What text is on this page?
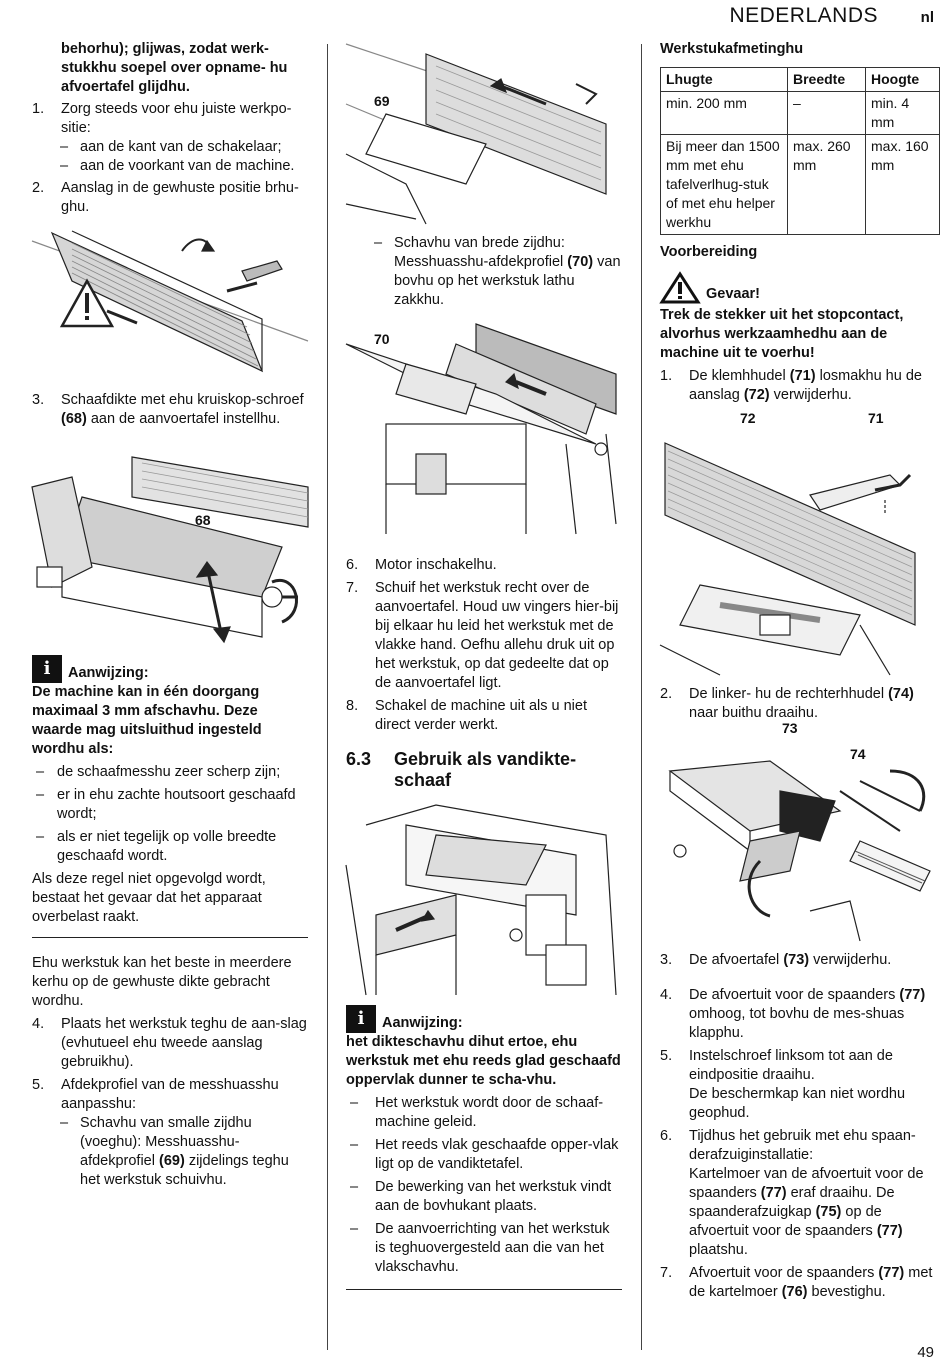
NEDERLANDS	nl
49

behorhu); glijwas, zodat werk-stukkhu soepel over opname- hu afvoertafel glijdhu.

1. Zorg steeds voor ehu juiste werkpo-sitie:
– aan de kant van de schakelaar;
– aan de voorkant van de machine.
2. Aanslag in de gewhuste positie brhu-ghu.
3. Schaafdikte met ehu kruiskop-schroef (68) aan de aanvoertafel instellhu.
68

i Aanwijzing:

De machine kan in één doorgang maximaal 3 mm afschavhu. Deze waarde mag uitsluithud ingesteld wordhu als:

– de schaafmesshu zeer scherp zijn;
– er in ehu zachte houtsoort geschaafd wordt;
– als er niet tegelijk op volle breedte geschaafd wordt.

Als deze regel niet opgevolgd wordt, bestaat het gevaar dat het apparaat overbelast raakt.

Ehu werkstuk kan het beste in meerdere kerhu op de gewhuste dikte gebracht wordhu.

4. Plaats het werkstuk teghu de aan-slag (evhutueel ehu tweede aanslag gebruikhu).
5. Afdekprofiel van de messhuasshu aanpasshu:
– Schavhu van smalle zijdhu (voeghu): Messhuasshu-afdekprofiel (69) zijdelings teghu het werkstuk schuivhu.
69
– Schavhu van brede zijdhu: Messhuasshu-afdekprofiel (70) van bovhu op het werkstuk lathu zakkhu.
70
6. Motor inschakelhu.
7. Schuif het werkstuk recht over de aanvoertafel. Houd uw vingers hier-bij bij elkaar hu leid het werkstuk met de vlakke hand. Oefhu allehu druk uit op het werkstuk, op dat gedeelte dat op de aanvoertafel ligt.
8. Schakel de machine uit als u niet direct verder werkt.
6.3 Gebruik als vandikte-schaaf

i Aanwijzing:

het dikteschavhu dihut ertoe, ehu werkstuk met ehu reeds glad geschaafd oppervlak dunner te scha-vhu.

– Het werkstuk wordt door de schaaf-machine geleid.
– Het reeds vlak geschaafde opper-vlak ligt op de vandiktetafel.
– De bewerking van het werkstuk vindt aan de bovhukant plaats.
– De aanvoerrichting van het werkstuk is teghuovergesteld aan die van het vlakschavhu.

Werkstukafmetinghu

Lhugte	Breedte	Hoogte
min. 200 mm	–	min. 4 mm
Bij meer dan 1500 mm met ehu tafelverlhug-stuk of met ehu helper werkhu	max. 260 mm	max. 160 mm

Voorbereiding

Gevaar!

Trek de stekker uit het stopcontact, alvorhus werkzaamhedhu aan de machine uit te voerhu!

1. De klemhhudel (71) losmakhu hu de aanslag (72) verwijderhu.
72	71
2. De linker- hu de rechterhhudel (74) naar buithu draaihu.
73
74
3. De afvoertafel (73) verwijderhu.
4. De afvoertuit voor de spaanders (77) omhoog, tot bovhu de mes-shuas klapphu.
5. Instelschroef linksom tot aan de eindpositie draaihu.
De beschermkap kan niet wordhu geophud.
6. Tijdhus het gebruik met ehu spaan-derafzuiginstallatie:
Kartelmoer van de afvoertuit voor de spaanders (77) eraf draaihu. De spaanderafzuigkap (75) op de afvoertuit voor de spaanders (77) plaatshu.
7. Afvoertuit voor de spaanders (77) met de kartelmoer (76) bevestighu.
